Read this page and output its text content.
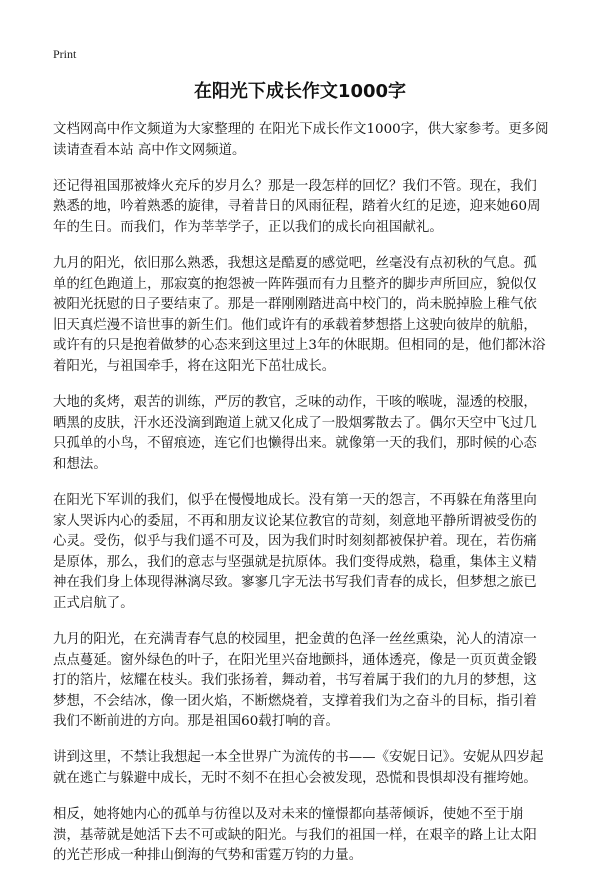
Print
在阳光下成长作文1000字

文档网高中作文频道为大家整理的 在阳光下成长作文1000字，供大家参考。更多阅读请查看本站 高中作文网频道。

还记得祖国那被烽火充斥的岁月么？那是一段怎样的回忆？我们不管。现在，我们熟悉的地，吟着熟悉的旋律，寻着昔日的风雨征程，踏着火红的足迹，迎来她60周年的生日。而我们，作为莘莘学子，正以我们的成长向祖国献礼。

九月的阳光，依旧那么熟悉，我想这是酷夏的感觉吧，丝毫没有点初秋的气息。孤单的红色跑道上，那寂寞的抱怨被一阵阵强而有力且整齐的脚步声所回应，貌似仅被阳光抚慰的日子要结束了。那是一群刚刚踏进高中校门的，尚未脱掉脸上稚气依旧天真烂漫不谙世事的新生们。他们或许有的承载着梦想搭上这驶向彼岸的航船，或许有的只是抱着做梦的心态来到这里过上3年的休眠期。但相同的是，他们都沐浴着阳光，与祖国牵手，将在这阳光下茁壮成长。

大地的炙烤，艰苦的训练，严厉的教官，乏味的动作，干咳的喉咙，湿透的校服，晒黑的皮肤，汗水还没滴到跑道上就又化成了一股烟雾散去了。偶尔天空中飞过几只孤单的小鸟，不留痕迹，连它们也懒得出来。就像第一天的我们，那时候的心态和想法。

在阳光下军训的我们，似乎在慢慢地成长。没有第一天的怨言，不再躲在角落里向家人哭诉内心的委屈，不再和朋友议论某位教官的苛刻，刻意地平静所谓被受伤的心灵。受伤，似乎与我们遥不可及，因为我们时时刻刻都被保护着。现在，若伤痛是原体，那么，我们的意志与坚强就是抗原体。我们变得成熟，稳重，集体主义精神在我们身上体现得淋漓尽致。寥寥几字无法书写我们青春的成长，但梦想之旅已正式启航了。

九月的阳光，在充满青春气息的校园里，把金黄的色泽一丝丝熏染，沁人的清凉一点点蔓延。窗外绿色的叶子，在阳光里兴奋地颤抖，通体透亮，像是一页页黄金锻打的箔片，炫耀在枝头。我们张扬着，舞动着，书写着属于我们的九月的梦想，这梦想，不会结冰，像一团火焰，不断燃烧着，支撑着我们为之奋斗的目标，指引着我们不断前进的方向。那是祖国60载打响的音。

讲到这里，不禁让我想起一本全世界广为流传的书——《安妮日记》。安妮从四岁起就在逃亡与躲避中成长，无时不刻不在担心会被发现，恐慌和畏惧却没有摧垮她。

相反，她将她内心的孤单与彷徨以及对未来的憧憬都向基蒂倾诉，使她不至于崩溃，基蒂就是她活下去不可或缺的阳光。与我们的祖国一样，在艰辛的路上让太阳的光芒形成一种排山倒海的气势和雷霆万钧的力量。
